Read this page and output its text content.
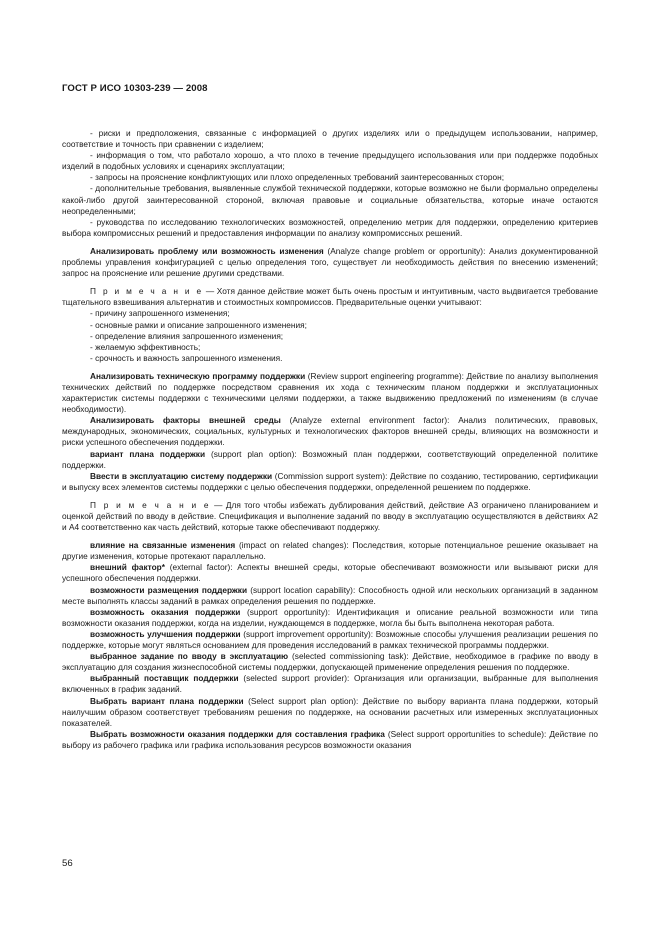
ГОСТ Р ИСО 10303-239 — 2008

- риски и предположения, связанные с информацией о других изделиях или о предыдущем использовании, например, соответствие и точность при сравнении с изделием;

- информация о том, что работало хорошо, а что плохо в течение предыдущего использования или при поддержке подобных изделий в подобных условиях и сценариях эксплуатации;

- запросы на прояснение конфликтующих или плохо определенных требований заинтересованных сторон;

- дополнительные требования, выявленные службой технической поддержки, которые возможно не были формально определены какой-либо другой заинтересованной стороной, включая правовые и социальные обязательства, которые иначе остаются неопределенными;

- руководства по исследованию технологических возможностей, определению метрик для поддержки, определению критериев выбора компромиссных решений и предоставления информации по анализу компромиссных решений.

Анализировать проблему или возможность изменения (Analyze change problem or opportunity): Анализ документированной проблемы управления конфигурацией с целью определения того, существует ли необходимость действия по внесению изменений; запрос на прояснение или решение другими средствами.

П р и м е ч а н и е — Хотя данное действие может быть очень простым и интуитивным, часто выдвигается требование тщательного взвешивания альтернатив и стоимостных компромиссов. Предварительные оценки учитывают:

- причину запрошенного изменения;

- основные рамки и описание запрошенного изменения;

- определение влияния запрошенного изменения;

- желаемую эффективность;

- срочность и важность запрошенного изменения.

Анализировать техническую программу поддержки (Review support engineering programme): Действие по анализу выполнения технических действий по поддержке посредством сравнения их хода с техническим планом поддержки и эксплуатационных характеристик системы поддержки с техническими целями поддержки, а также выдвижению предложений по изменениям (в случае необходимости).

Анализировать факторы внешней среды (Analyze external environment factor): Анализ политических, правовых, международных, экономических, социальных, культурных и технологических факторов внешней среды, влияющих на возможности и риски успешного обеспечения поддержки.

вариант плана поддержки (support plan option): Возможный план поддержки, соответствующий определенной политике поддержки.

Ввести в эксплуатацию систему поддержки (Commission support system): Действие по созданию, тестированию, сертификации и выпуску всех элементов системы поддержки с целью обеспечения поддержки, определенной решением по поддержке.

П р и м е ч а н и е — Для того чтобы избежать дублирования действий, действие А3 ограничено планированием и оценкой действий по вводу в действие. Спецификация и выполнение заданий по вводу в эксплуатацию осуществляются в действиях А2 и А4 соответственно как часть действий, которые также обеспечивают поддержку.

влияние на связанные изменения (impact on related changes): Последствия, которые потенциальное решение оказывает на другие изменения, которые протекают параллельно.

внешний фактор* (external factor): Аспекты внешней среды, которые обеспечивают возможности или вызывают риски для успешного обеспечения поддержки.

возможности размещения поддержки (support location capability): Способность одной или нескольких организаций в заданном месте выполнять классы заданий в рамках определения решения по поддержке.

возможность оказания поддержки (support opportunity): Идентификация и описание реальной возможности или типа возможности оказания поддержки, когда на изделии, нуждающемся в поддержке, могла бы быть выполнена некоторая работа.

возможность улучшения поддержки (support improvement opportunity): Возможные способы улучшения реализации решения по поддержке, которые могут являться основанием для проведения исследований в рамках технической программы поддержки.

выбранное задание по вводу в эксплуатацию (selected commissioning task): Действие, необходимое в графике по вводу в эксплуатацию для создания жизнеспособной системы поддержки, допускающей применение определения решения по поддержке.

выбранный поставщик поддержки (selected support provider): Организация или организации, выбранные для выполнения включенных в график заданий.

Выбрать вариант плана поддержки (Select support plan option): Действие по выбору варианта плана поддержки, который наилучшим образом соответствует требованиям решения по поддержке, на основании расчетных или измеренных эксплуатационных показателей.

Выбрать возможности оказания поддержки для составления графика (Select support opportunities to schedule): Действие по выбору из рабочего графика или графика использования ресурсов возможности оказания

56
